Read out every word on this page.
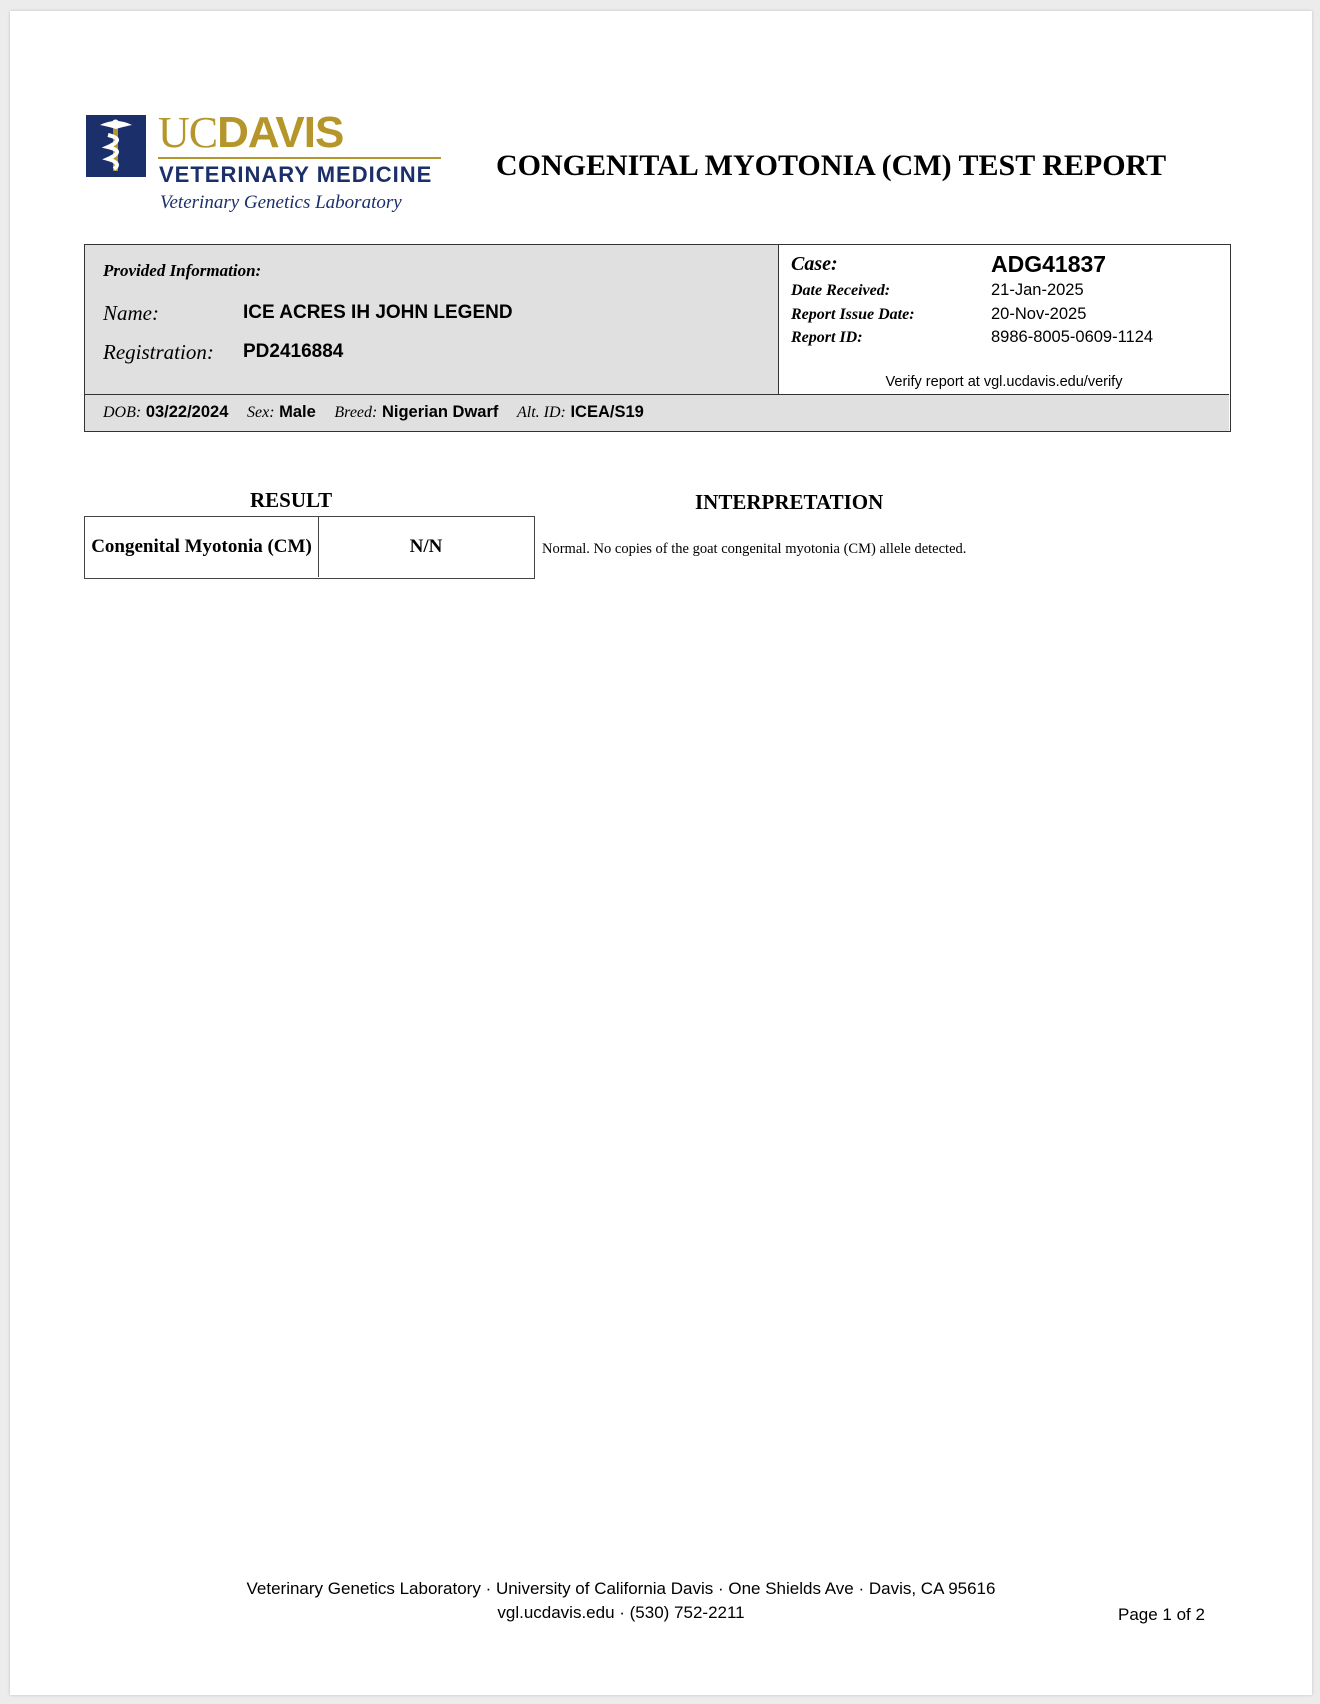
UCDAVIS
VETERINARY MEDICINE
Veterinary Genetics Laboratory
CONGENITAL MYOTONIA (CM) TEST REPORT
Provided Information:
Name:	ICE ACRES IH JOHN LEGEND
Registration: PD2416884
Case:	ADG41837
Date Received:	21-Jan-2025
Report Issue Date:	20-Nov-2025
Report ID:	8986-8005-0609-1124
Verify report at vgl.ucdavis.edu/verify
DOB: 03/22/2024 Sex: Male Breed: Nigerian Dwarf Alt. ID: ICEA/S19
RESULT	INTERPRETATION
Congenital Myotonia (CM)	N/N	Normal. No copies of the goat congenital myotonia (CM) allele detected.
Veterinary Genetics Laboratory · University of California Davis · One Shields Ave · Davis, CA 95616
vgl.ucdavis.edu · (530) 752-2211	Page 1 of 2
